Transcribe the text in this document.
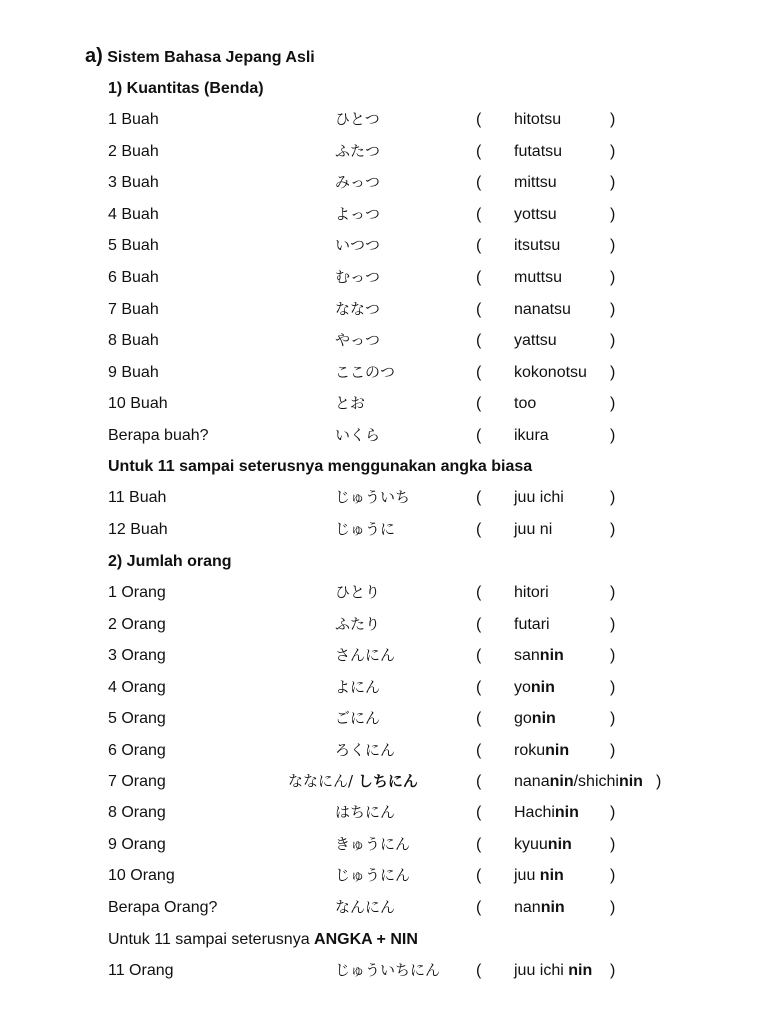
a) Sistem Bahasa Jepang Asli
1) Kuantitas (Benda)
1 Buah	ひとつ	( hitotsu	)
2 Buah	ふたつ	( futatsu	)
3 Buah	みっつ	( mittsu	)
4 Buah	よっつ	( yottsu	)
5 Buah	いつつ	( itsutsu	)
6 Buah	むっつ	( muttsu	)
7 Buah	ななつ	( nanatsu )
8 Buah	やっつ	( yattsu	)
9 Buah	ここのつ	( kokonotsu )
10 Buah	とお	( too	)
Berapa buah?	いくら	( ikura	)
Untuk 11 sampai seterusnya menggunakan angka biasa
11 Buah	じゅういち	( juu ichi	)
12 Buah	じゅうに	( juu ni	)
2) Jumlah orang
1 Orang	ひとり	( hitori	)
2 Orang	ふたり	( futari	)
3 Orang	さんにん	( sannin	)
4 Orang	よにん	( yonin	)
5 Orang	ごにん	( gonin	)
6 Orang	ろくにん	( rokunin	)
7 Orang	ななにん/ しちにん	( nananin/shichinin )
8 Orang	はちにん	( Hachinin )
9 Orang	きゅうにん	( kyuunin )
10 Orang	じゅうにん	( juu nin	)
Berapa Orang?	なんにん	( nannin	)
Untuk 11 sampai seterusnya ANGKA + NIN
11 Orang	じゅういちにん ( juu ichi nin )
